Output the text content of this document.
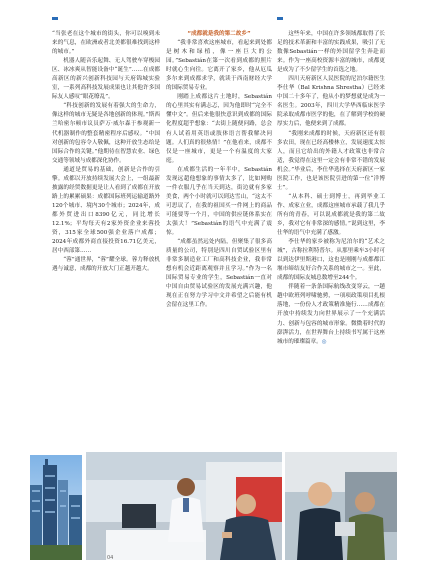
“当张老在这个城市的街头，你可以嗅到未来的气息，在欧洲或者北美都很难找到这样的城市。”

机器人随音乐起舞、无人驾驶车穿梭园区、冰冰爽从智能设备中“诞生”……在成都高新区的新兴创新科技园与天府锦城实验室，一系列高科技发展成果也让其他许多国际友人感叹“眼花缭乱”。

“科技创新的发展有着强大的生命力，像这样的城市无疑是各地创新的体现。”斯西兰哈密尔顿市议员萨万·威尔森于参观新一代机器制作的整套精密程序后感叹。“中国对创新的包容令人敬佩，这种开放生态给是国际合作的关键。”他期待在智慧农业、绿色交通等领域与成都深化协作。

通道是贸易的基础，创新是合作的引擎。成都以开放持续发展大会上，一组最新披露的经贸数据更是让人看到了成都在开放路上的累累硕果：成都国际班列运输道路外120个城市、境内30个城市；2024年，成都外贸进出口8390亿元，同比增长12.1%；平均每天有2家外资企业来蓉投资，315家全球500强企业落户成都；2024年成都外商直接投资16.71亿美元，居中西部第……

“蓉”通世界，“蓉”耀全球。蓉力释放机遇与诚意，成都的开放大门正越开越大。

“成都就是我的第二故乡”

“我非常喜欢这座城市，看起来到处都是树木和绿植，像一座巨大的公园。”Sebastián在第一次看到成都的照片时就心生向往。它离开了家乡，他从厄瓜多尔来到成都求学，就读于西南财经大学的国际贸易专业。

刚踏上成都这片土地时，Sebastián的心里其实有满忐忑，因为他即时“完全不懂中文”。但后来他很快意识到成都的国际化程度超乎想象：“去街上随便问路，总会有人试着用英语或肢体语言帮我解决问题。人们真的很热情！”在他看来，成都不仅是一座城市，更是一个有温度的大家庭。

在成都生活的一年半中，Sebastián发现远超他想象的事情太多了，比如网购一件衣服几乎在当天到达，街边就有多家美食，两个小时就可以到达雪山，“这太不可思议了，在我的祖国买一件网上的商品可能要等一个月，中国的供应链体系实在太强大！”Sebastián的语气中充满了震惊。

“成都虽然远处内陆，但聚集了很多高质量的公司，特别是四川自贸试验区里有非常多制造业工厂和高科技企业，我非常想有机会近距离观察并且学习。”作为一名国际贸易专业的学生，Sebastián一直对中国自由贸易试验区的发展充满兴趣，他现在正在努力学习中文并希望之后能有机会留在这里工作。

这些年来，中国在许多领域都取得了长足的技术革新和丰富的实践成果，吸引了无数像Sebastián一样的外国留学生奔赴而来。作为一座高校资源丰富的城市，成都更是成为了不少留学生的首选之地。

四川天府新区人民医院的尼泊尔籍医生李仕华（Bal Krishna Shrestha）已经来中国二十多年了，他从小的梦想就是成为一名医生。2003年，四川大学华西临床医学院录取成都市医学的他，在了解到学校的硬厚实力后，他便来到了成都。

“我刚来成都的时候，天府新区还有很多农田，现在已经高楼林立，发展速度太惊人，而且它给出的外籍人才政策也非常合适，我觉得在这里一定会有非常不错的发展机会。”毕业后，李仕华选择在天府新区一家医院工作，也是该医院引进的第一位“洋博士”。

“从本科、硕士到博士，再到毕业工作、成家立业，成都这座城市承载了我几乎所有的青春，可以说成都就是我的第二故乡，我对它有非常深的感情。”说到这里，李仕华的语气中充满了感激。

李仕华的家乡被称为尼泊尔的“艺术之城”，古称拉利特普尔。从那里乘车3小时可以到达伊里斯港口，这也是刚刚与成都都江堰市缔结友好合作关系的城市之一。至此，成都的国际友城总数增至244个。

伴随着一条条国际航线改变穿云，一趟趟中欧班列呼啸驰骋，一项项政策项目扎根落地，一份份人才政策精准施行……成都在开放中持续发力向世界展示了一个充满活力、创新与包容的城市形象。微微着时代的澎湃活力，在世界舞台上持续书写属于这座城市的璀璨篇章。◎

04
